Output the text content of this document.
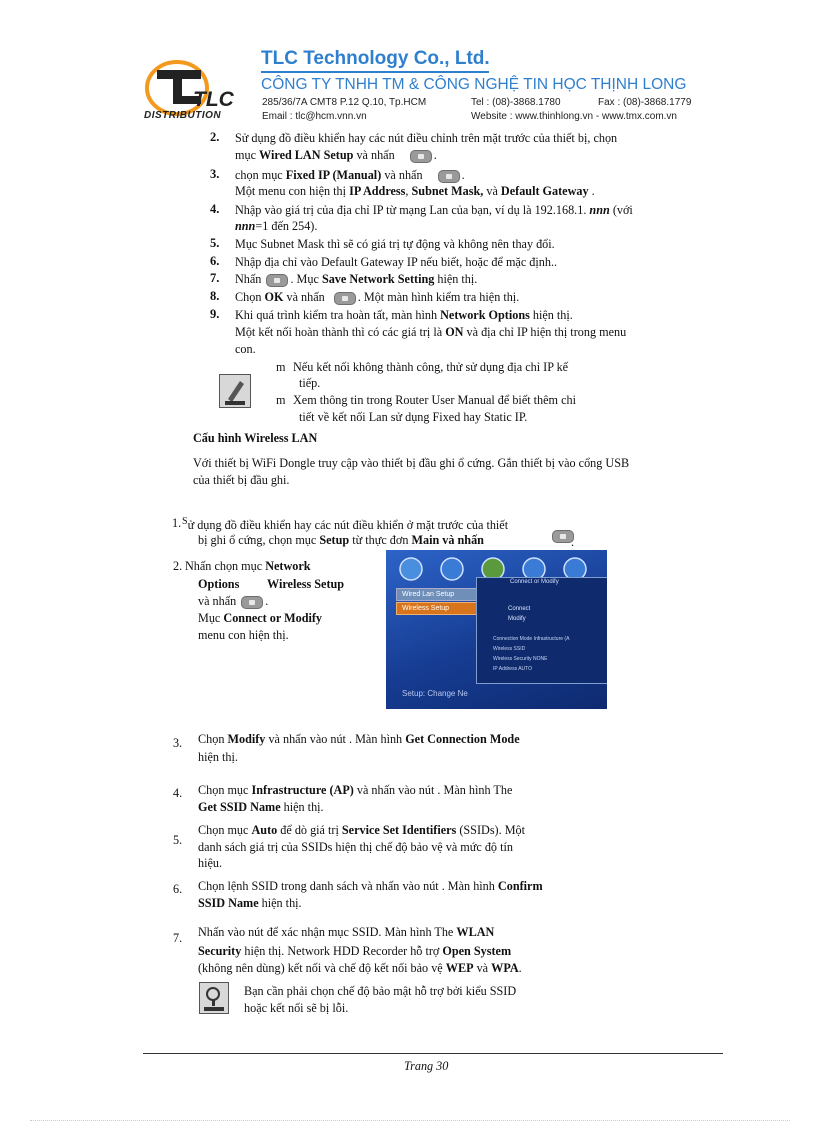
TLC
DISTRIBUTION
TLC Technology Co., Ltd.
CÔNG TY TNHH TM & CÔNG NGHỆ TIN HỌC THỊNH LONG
285/36/7A CMT8 P.12 Q.10, Tp.HCM	Tel : (08)-3868.1780	Fax : (08)-3868.1779
Email : tlc@hcm.vnn.vn	Website : www.thinhlong.vn - www.tmx.com.vn
2. Sử dụng đồ điều khiển hay các nút điều chỉnh trên mặt trước của thiết bị, chọn
mục Wired LAN Setup và nhấn	.
3. chọn mục Fixed IP (Manual) và nhấn	.
Một menu con hiện thị IP Address, Subnet Mask, và Default Gateway .
4. Nhập vào giá trị của địa chỉ IP từ mạng Lan của bạn, ví dụ là 192.168.1. nnn (với
nnn=1 đến 254).
5. Mục Subnet Mask thì sẽ có giá trị tự động và không nên thay đổi.
6. Nhập địa chỉ vào Default Gateway IP nếu biết, hoặc để mặc định..
7. Nhấn . Mục Save Network Setting hiện thị.
8. Chọn OK và nhấn	. Một màn hình kiểm tra hiện thị.
9. Khi quá trình kiểm tra hoàn tất, màn hình Network Options hiện thị.
Một kết nối hoàn thành thì có các giá trị là ON và địa chỉ IP hiện thị trong menu
con.
m Nếu kết nối không thành công, thử sử dụng địa chỉ IP kế
tiếp.
m Xem thông tin trong Router User Manual để biết thêm chi
tiết về kết nối Lan sử dụng Fixed hay Static IP.
Cấu hình Wireless LAN
Với thiết bị WiFi Dongle truy cập vào thiết bị đầu ghi ổ cứng. Gắn thiết bị vào cổng USB
của thiết bị đầu ghi.
1. $^S$ử dụng đồ điều khiển hay các nút điều khiển ở mặt trước của thiết
bị ghi ổ cứng, chọn mục Setup từ thực đơn Main và nhấn	.
2. Nhấn chọn mục Network
Options Wireless Setup
và nhấn .
Mục Connect or Modify
menu con hiện thị.
Wired Lan Setup
Wireless Setup
Connect or Modify
Connect
Modify
Connection Mode Infrastructure (A
Wireless SSID
Wireless Security NONE
IP Address AUTO
Setup: Change Ne
3. Chọn Modify và nhấn vào nút . Màn hình Get Connection Mode
hiện thị.
4. Chọn mục Infrastructure (AP) và nhấn vào nút . Màn hình The
Get SSID Name hiện thị.
5.
Chọn mục Auto để dò giá trị Service Set Identifiers (SSIDs). Một
danh sách giá trị của SSIDs hiện thị chế độ bảo vệ và mức độ tín
hiệu.
6. Chọn lệnh SSID trong danh sách và nhấn vào nút . Màn hình Confirm
SSID Name hiện thị.
7. Nhấn vào nút để xác nhận mục SSID. Màn hình The WLAN
Security hiện thị. Network HDD Recorder hỗ trợ Open System
(không nên dùng) kết nối và chế độ kết nối bảo vệ WEP và WPA.
Bạn cần phải chọn chế độ bảo mật hỗ trợ bởi kiểu SSID
hoặc kết nối sẽ bị lỗi.
Trang 30
